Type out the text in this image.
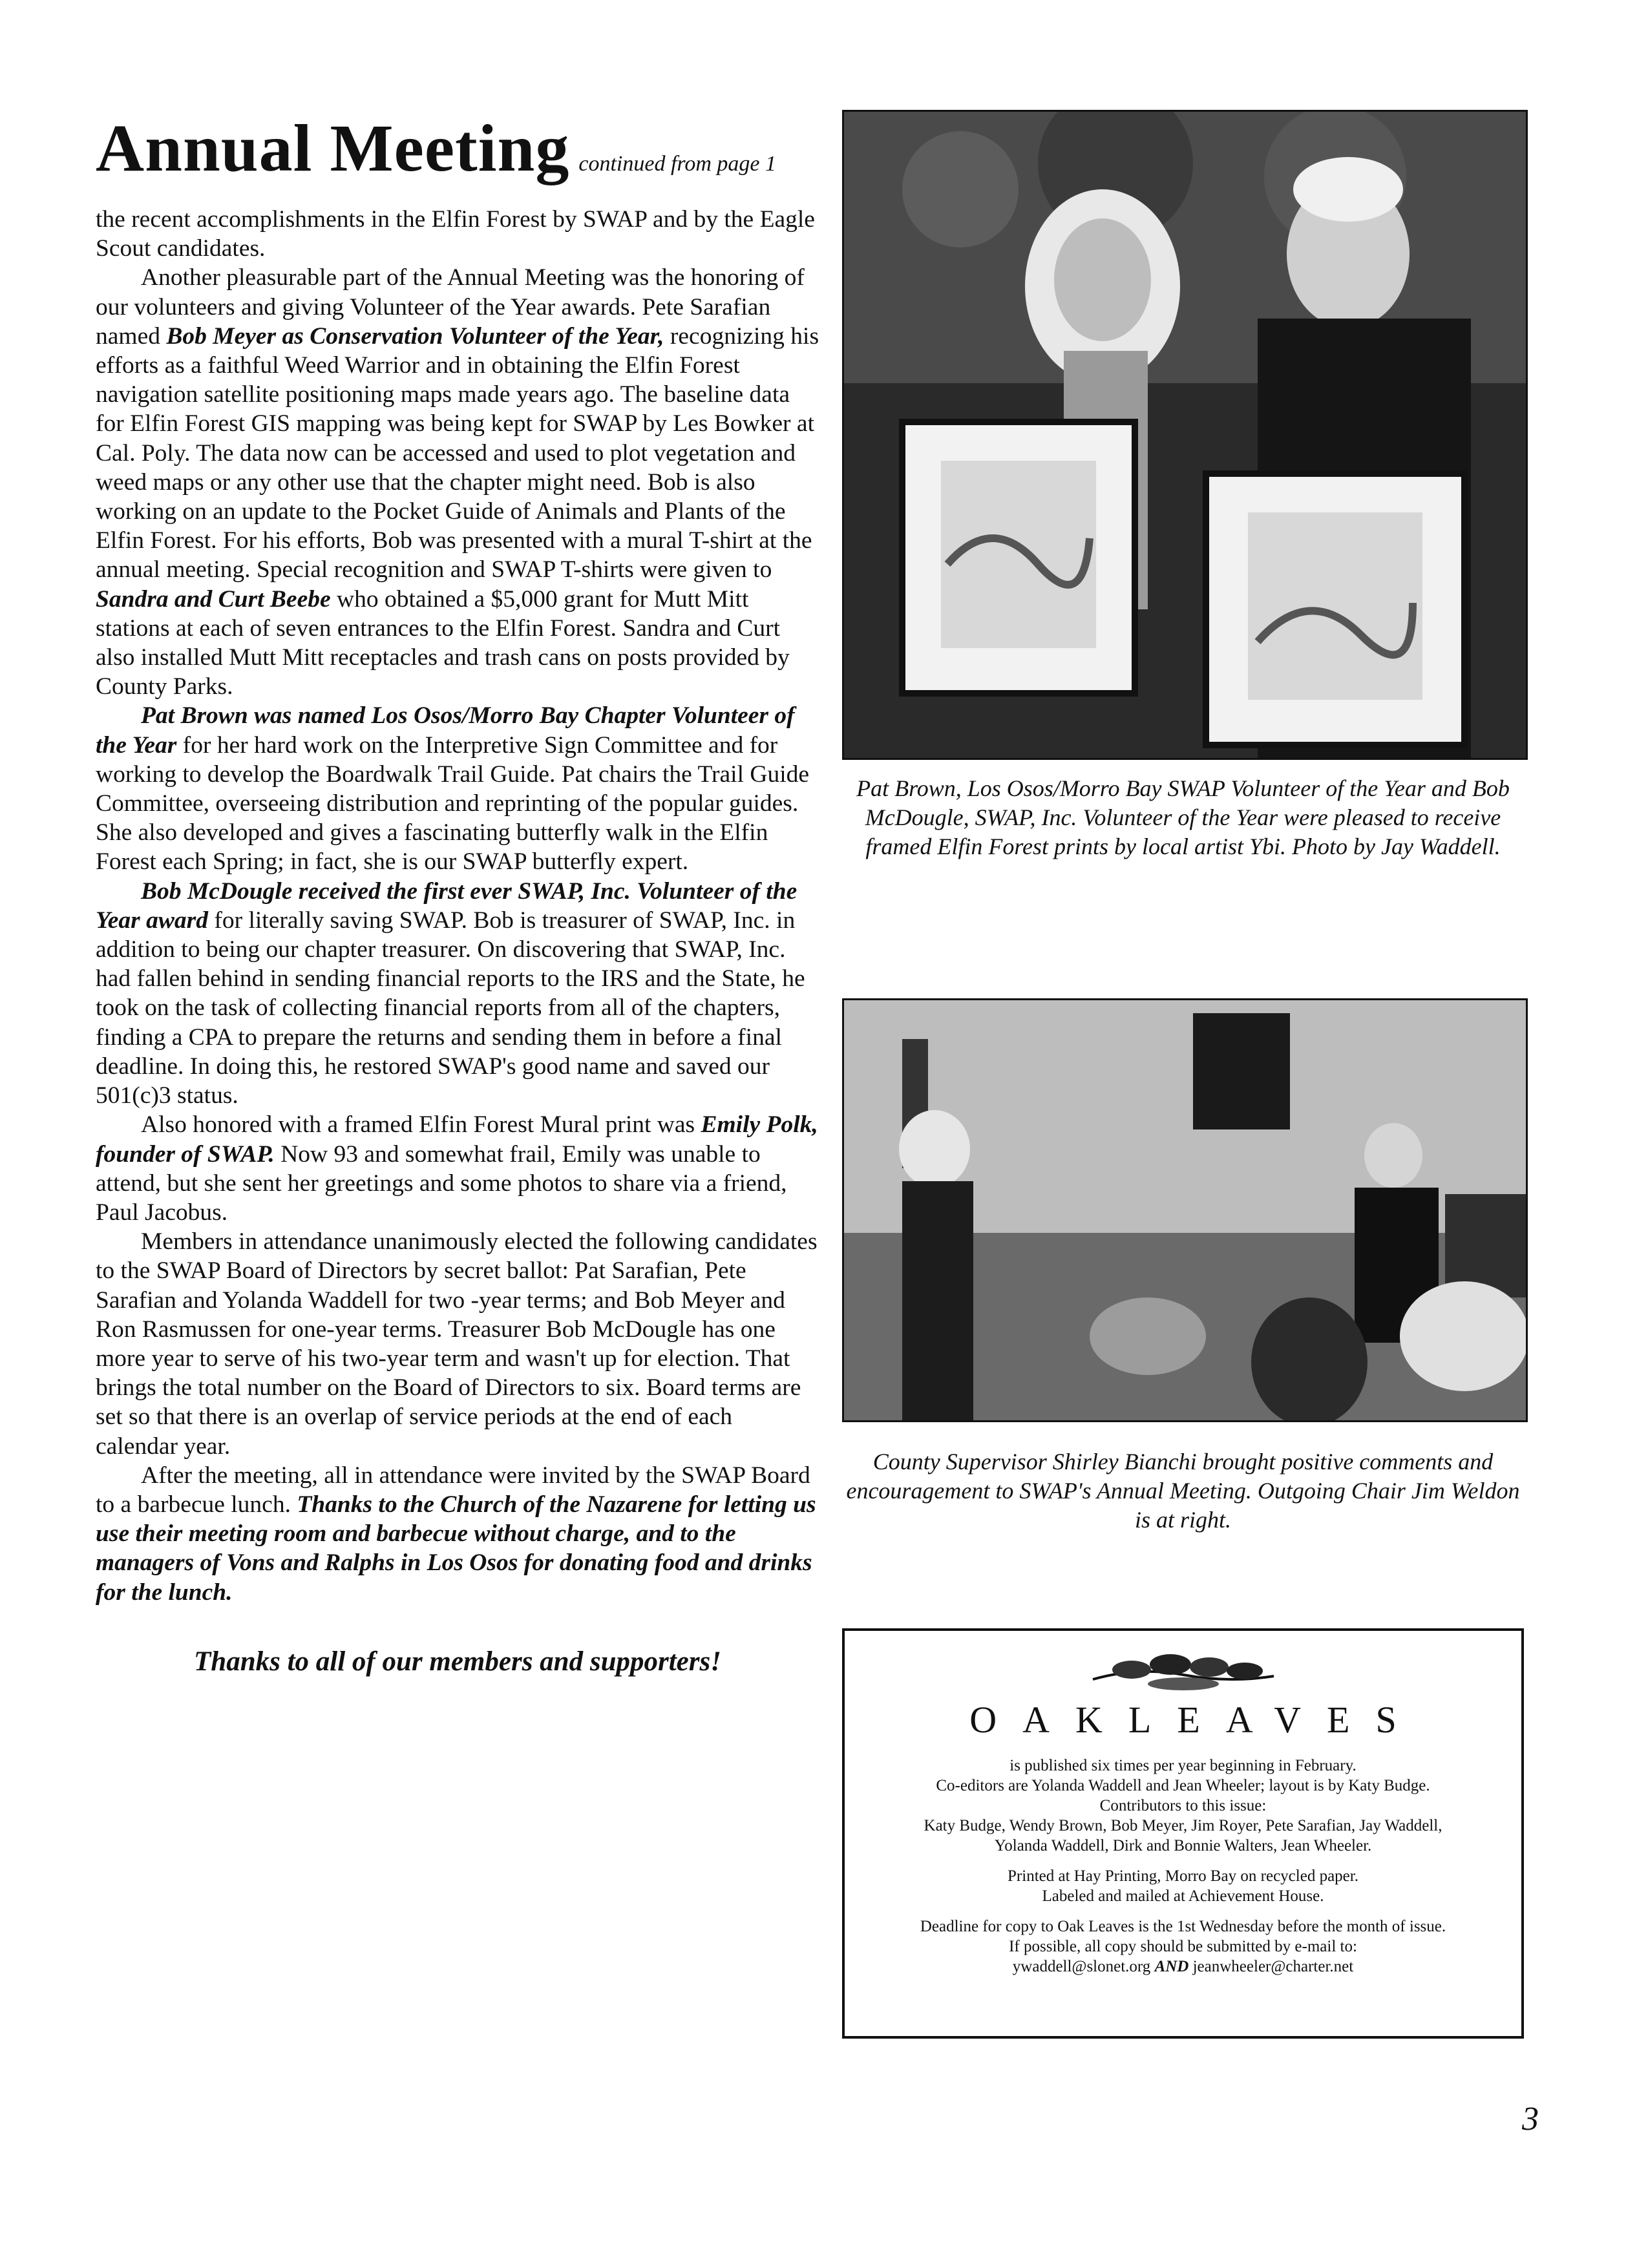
Annual Meeting continued from page 1

the recent accomplishments in the Elfin Forest by SWAP and by the Eagle Scout candidates.

Another pleasurable part of the Annual Meeting was the honoring of our volunteers and giving Volunteer of the Year awards. Pete Sarafian named Bob Meyer as Conservation Volunteer of the Year, recognizing his efforts as a faithful Weed Warrior and in obtaining the Elfin Forest navigation satellite positioning maps made years ago. The baseline data for Elfin Forest GIS mapping was being kept for SWAP by Les Bowker at Cal. Poly. The data now can be accessed and used to plot vegetation and weed maps or any other use that the chapter might need. Bob is also working on an update to the Pocket Guide of Animals and Plants of the Elfin Forest. For his efforts, Bob was presented with a mural T-shirt at the annual meeting. Special recognition and SWAP T-shirts were given to Sandra and Curt Beebe who obtained a $5,000 grant for Mutt Mitt stations at each of seven entrances to the Elfin Forest. Sandra and Curt also installed Mutt Mitt receptacles and trash cans on posts provided by County Parks.

Pat Brown was named Los Osos/Morro Bay Chapter Volunteer of the Year for her hard work on the Interpretive Sign Committee and for working to develop the Boardwalk Trail Guide. Pat chairs the Trail Guide Committee, overseeing distribution and reprinting of the popular guides. She also developed and gives a fascinating butterfly walk in the Elfin Forest each Spring; in fact, she is our SWAP butterfly expert.

Bob McDougle received the first ever SWAP, Inc. Volunteer of the Year award for literally saving SWAP. Bob is treasurer of SWAP, Inc. in addition to being our chapter treasurer. On discovering that SWAP, Inc. had fallen behind in sending financial reports to the IRS and the State, he took on the task of collecting financial reports from all of the chapters, finding a CPA to prepare the returns and sending them in before a final deadline. In doing this, he restored SWAP's good name and saved our 501(c)3 status.

Also honored with a framed Elfin Forest Mural print was Emily Polk, founder of SWAP. Now 93 and somewhat frail, Emily was unable to attend, but she sent her greetings and some photos to share via a friend, Paul Jacobus.

Members in attendance unanimously elected the following candidates to the SWAP Board of Directors by secret ballot: Pat Sarafian, Pete Sarafian and Yolanda Waddell for two -year terms; and Bob Meyer and Ron Rasmussen for one-year terms. Treasurer Bob McDougle has one more year to serve of his two-year term and wasn't up for election. That brings the total number on the Board of Directors to six. Board terms are set so that there is an overlap of service periods at the end of each calendar year.

After the meeting, all in attendance were invited by the SWAP Board to a barbecue lunch. Thanks to the Church of the Nazarene for letting us use their meeting room and barbecue without charge, and to the managers of Vons and Ralphs in Los Osos for donating food and drinks for the lunch.

Thanks to all of our members and supporters!

Pat Brown, Los Osos/Morro Bay SWAP Volunteer of the Year and Bob McDougle, SWAP, Inc. Volunteer of the Year were pleased to receive framed Elfin Forest prints by local artist Ybi. Photo by Jay Waddell.
County Supervisor Shirley Bianchi brought positive comments and encouragement to SWAP's Annual Meeting. Outgoing Chair Jim Weldon is at right.
OAKLEAVES

is published six times per year beginning in February.

Co-editors are Yolanda Waddell and Jean Wheeler; layout is by Katy Budge.

Contributors to this issue:

Katy Budge, Wendy Brown, Bob Meyer, Jim Royer, Pete Sarafian, Jay Waddell,

Yolanda Waddell, Dirk and Bonnie Walters, Jean Wheeler.

Printed at Hay Printing, Morro Bay on recycled paper.

Labeled and mailed at Achievement House.

Deadline for copy to Oak Leaves is the 1st Wednesday before the month of issue.

If possible, all copy should be submitted by e-mail to:

ywaddell@slonet.org AND jeanwheeler@charter.net

3
